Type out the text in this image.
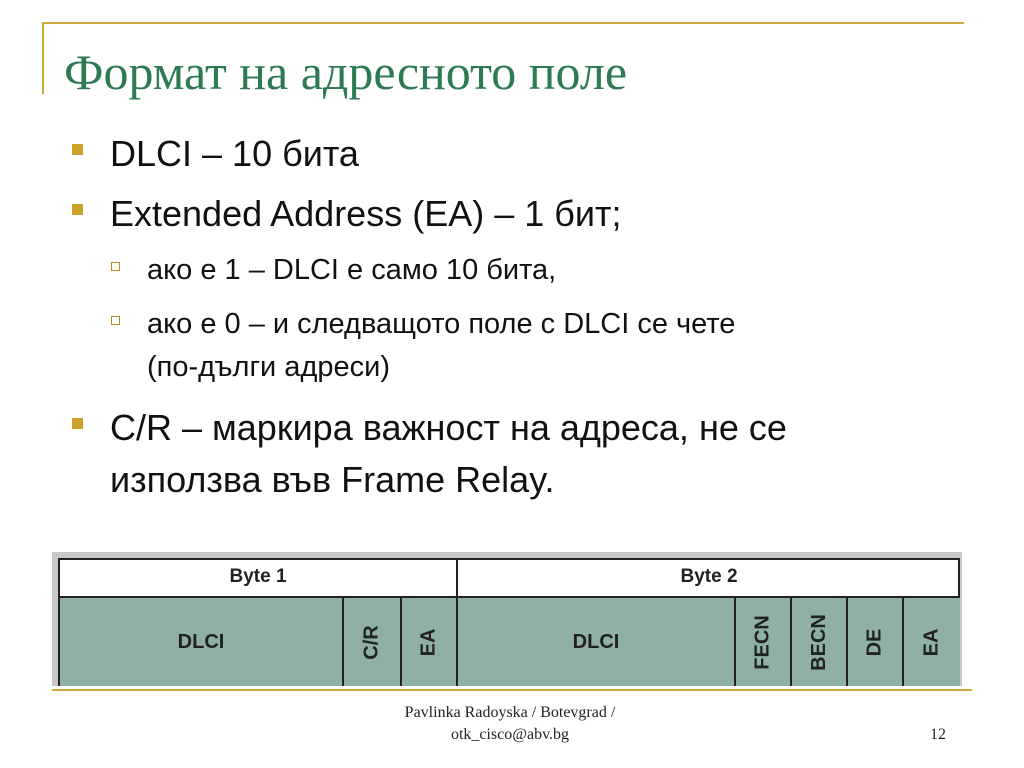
Формат на адресното поле
DLCI – 10 бита
Extended Address (EA) – 1 бит;
ако е 1 – DLCI е само 10 бита,
ако е 0 – и следващото поле с DLCI се чете
(по-дълги адреси)
C/R – маркира важност на адреса, не се
използва във Frame Relay.
Byte 1	Byte 2
DLCI	C/R EA	DLCI	FECN BECN DE EA
Pavlinka Radoyska / Botevgrad /
otk_cisco@abv.bg	12
